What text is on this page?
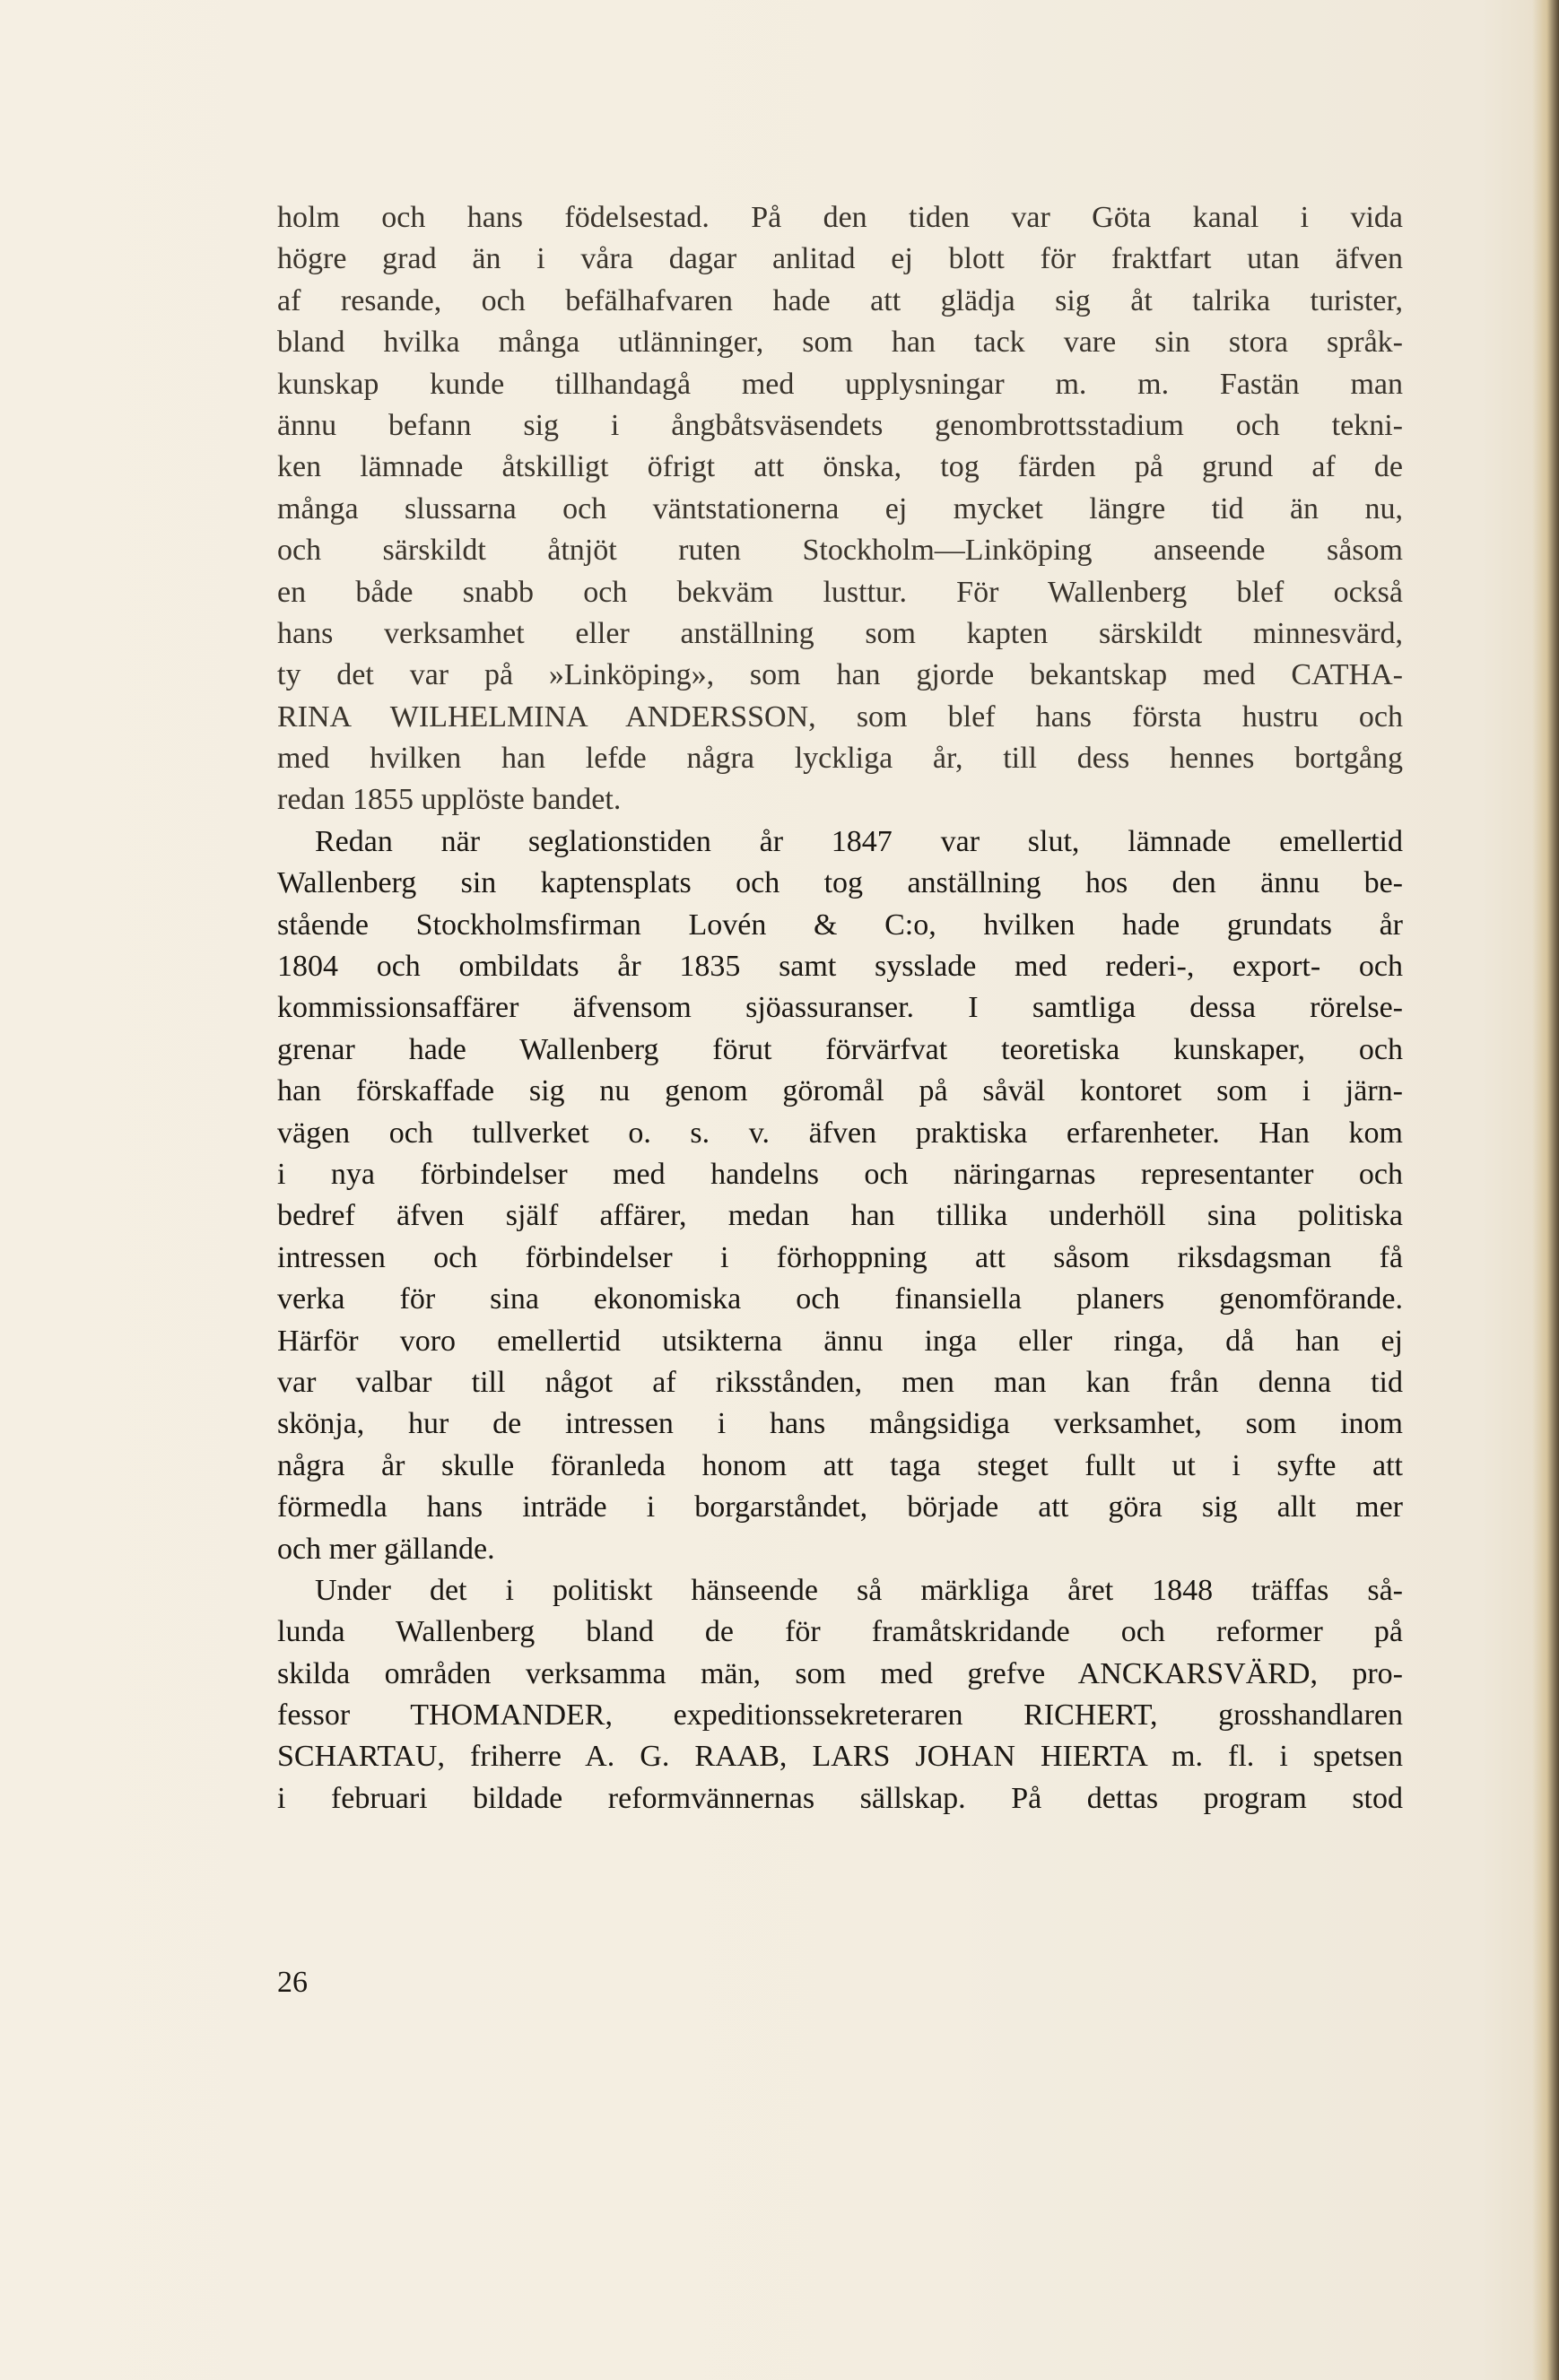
holm och hans födelsestad. På den tiden var Göta kanal i vida
högre grad än i våra dagar anlitad ej blott för fraktfart utan äfven
af resande, och befälhafvaren hade att glädja sig åt talrika turister,
bland hvilka många utlänninger, som han tack vare sin stora språk-
kunskap kunde tillhandagå med upplysningar m. m. Fastän man
ännu befann sig i ångbåtsväsendets genombrottsstadium och tekni-
ken lämnade åtskilligt öfrigt att önska, tog färden på grund af de
många slussarna och väntstationerna ej mycket längre tid än nu,
och särskildt åtnjöt ruten Stockholm—Linköping anseende såsom
en både snabb och bekväm lusttur. För Wallenberg blef också
hans verksamhet eller anställning som kapten särskildt minnesvärd,
ty det var på »Linköping», som han gjorde bekantskap med CATHA-
RINA WILHELMINA ANDERSSON, som blef hans första hustru och
med hvilken han lefde några lyckliga år, till dess hennes bortgång
redan 1855 upplöste bandet.
Redan när seglationstiden år 1847 var slut, lämnade emellertid
Wallenberg sin kaptensplats och tog anställning hos den ännu be-
stående Stockholmsfirman Lovén & C:o, hvilken hade grundats år
1804 och ombildats år 1835 samt sysslade med rederi-, export- och
kommissionsaffärer äfvensom sjöassuranser. I samtliga dessa rörelse-
grenar hade Wallenberg förut förvärfvat teoretiska kunskaper, och
han förskaffade sig nu genom göromål på såväl kontoret som i järn-
vägen och tullverket o. s. v. äfven praktiska erfarenheter. Han kom
i nya förbindelser med handelns och näringarnas representanter och
bedref äfven själf affärer, medan han tillika underhöll sina politiska
intressen och förbindelser i förhoppning att såsom riksdagsman få
verka för sina ekonomiska och finansiella planers genomförande.
Härför voro emellertid utsikterna ännu inga eller ringa, då han ej
var valbar till något af riksstånden, men man kan från denna tid
skönja, hur de intressen i hans mångsidiga verksamhet, som inom
några år skulle föranleda honom att taga steget fullt ut i syfte att
förmedla hans inträde i borgarståndet, började att göra sig allt mer
och mer gällande.
Under det i politiskt hänseende så märkliga året 1848 träffas så-
lunda Wallenberg bland de för framåtskridande och reformer på
skilda områden verksamma män, som med grefve ANCKARSVÄRD, pro-
fessor THOMANDER, expeditionssekreteraren RICHERT, grosshandlaren
SCHARTAU, friherre A. G. RAAB, LARS JOHAN HIERTA m. fl. i spetsen
i februari bildade reformvännernas sällskap. På dettas program stod
26
